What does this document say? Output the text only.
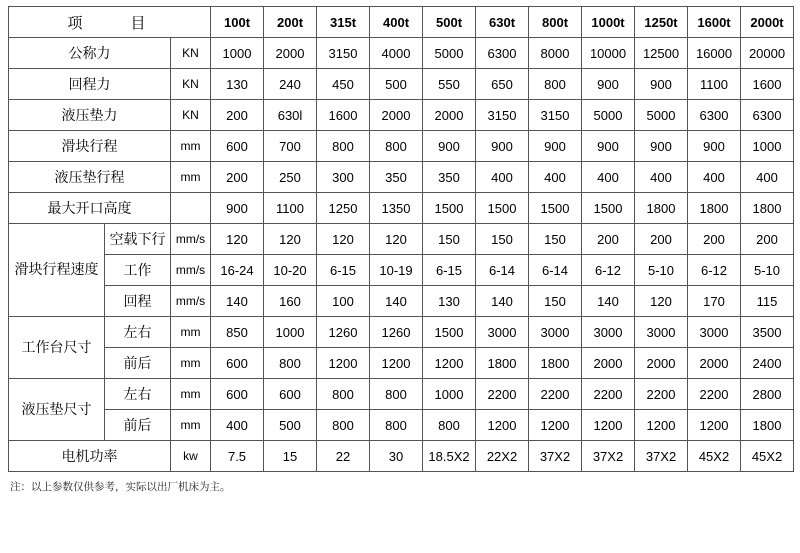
项　　目			100t	200t	315t	400t	500t	630t	800t	1000t	1250t	1600t	2000t
公称力		KN	1000	2000	3150	4000	5000	6300	8000	10000	12500	16000	20000
回程力		KN	130	240	450	500	550	650	800	900	900	1100	1600
液压垫力		KN	200	630l	1600	2000	2000	3150	3150	5000	5000	6300	6300
滑块行程		mm	600	700	800	800	900	900	900	900	900	900	1000
液压垫行程		mm	200	250	300	350	350	400	400	400	400	400	400
最大开口高度			900	1100	1250	1350	1500	1500	1500	1500	1800	1800	1800
滑块行程速度	空载下行	mm/s	120	120	120	120	150	150	150	200	200	200	200
	工作	mm/s	16-24	10-20	6-15	10-19	6-15	6-14	6-14	6-12	5-10	6-12	5-10
	回程	mm/s	140	160	100	140	130	140	150	140	120	170	115
工作台尺寸	左右	mm	850	1000	1260	1260	1500	3000	3000	3000	3000	3000	3500
	前后	mm	600	800	1200	1200	1200	1800	1800	2000	2000	2000	2400
液压垫尺寸	左右	mm	600	600	800	800	1000	2200	2200	2200	2200	2200	2800
	前后	mm	400	500	800	800	800	1200	1200	1200	1200	1200	1800
电机功率		kw	7.5	15	22	30	18.5X2	22X2	37X2	37X2	37X2	45X2	45X2
注：以上参数仅供参考，实际以出厂机床为主。
